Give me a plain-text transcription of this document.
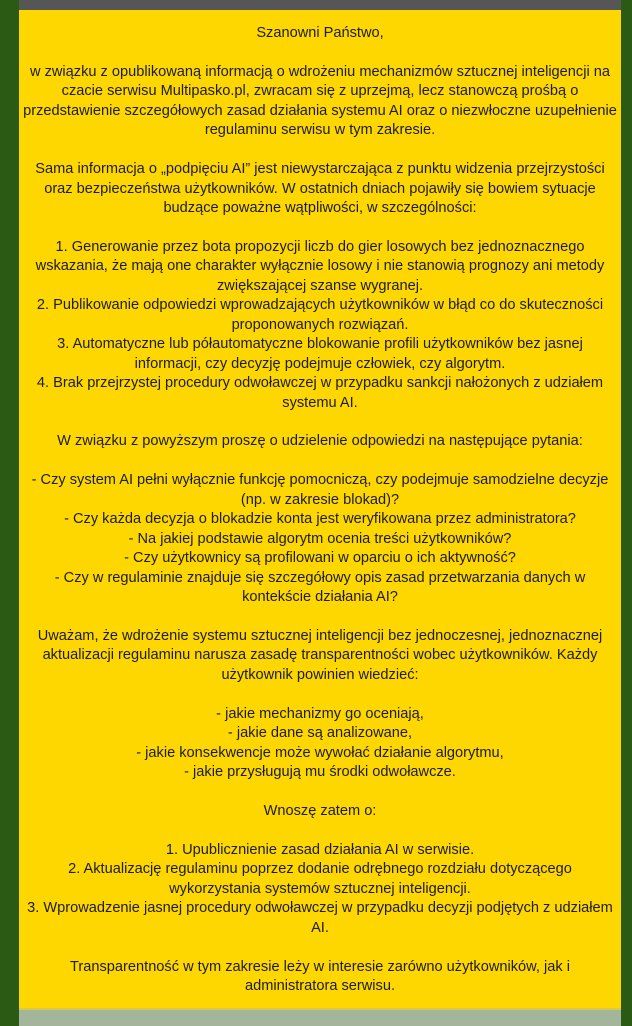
Szanowni Państwo,

w związku z opublikowaną informacją o wdrożeniu mechanizmów sztucznej inteligencji na czacie serwisu Multipasko.pl, zwracam się z uprzejmą, lecz stanowczą prośbą o przedstawienie szczegółowych zasad działania systemu AI oraz o niezwłoczne uzupełnienie regulaminu serwisu w tym zakresie.

Sama informacja o „podpięciu AI” jest niewystarczająca z punktu widzenia przejrzystości oraz bezpieczeństwa użytkowników. W ostatnich dniach pojawiły się bowiem sytuacje budzące poważne wątpliwości, w szczególności:

1. Generowanie przez bota propozycji liczb do gier losowych bez jednoznacznego wskazania, że mają one charakter wyłącznie losowy i nie stanowią prognozy ani metody zwiększającej szanse wygranej.

2. Publikowanie odpowiedzi wprowadzających użytkowników w błąd co do skuteczności proponowanych rozwiązań.

3. Automatyczne lub półautomatyczne blokowanie profili użytkowników bez jasnej informacji, czy decyzję podejmuje człowiek, czy algorytm.

4. Brak przejrzystej procedury odwoławczej w przypadku sankcji nałożonych z udziałem systemu AI.

W związku z powyższym proszę o udzielenie odpowiedzi na następujące pytania:

- Czy system AI pełni wyłącznie funkcję pomocniczą, czy podejmuje samodzielne decyzje (np. w zakresie blokad)?

- Czy każda decyzja o blokadzie konta jest weryfikowana przez administratora?

- Na jakiej podstawie algorytm ocenia treści użytkowników?

- Czy użytkownicy są profilowani w oparciu o ich aktywność?

- Czy w regulaminie znajduje się szczegółowy opis zasad przetwarzania danych w kontekście działania AI?

Uważam, że wdrożenie systemu sztucznej inteligencji bez jednoczesnej, jednoznacznej aktualizacji regulaminu narusza zasadę transparentności wobec użytkowników. Każdy użytkownik powinien wiedzieć:

- jakie mechanizmy go oceniają,

- jakie dane są analizowane,

- jakie konsekwencje może wywołać działanie algorytmu,

- jakie przysługują mu środki odwoławcze.

Wnoszę zatem o:

1. Upublicznienie zasad działania AI w serwisie.

2. Aktualizację regulaminu poprzez dodanie odrębnego rozdziału dotyczącego wykorzystania systemów sztucznej inteligencji.

3. Wprowadzenie jasnej procedury odwoławczej w przypadku decyzji podjętych z udziałem AI.

Transparentność w tym zakresie leży w interesie zarówno użytkowników, jak i administratora serwisu.
